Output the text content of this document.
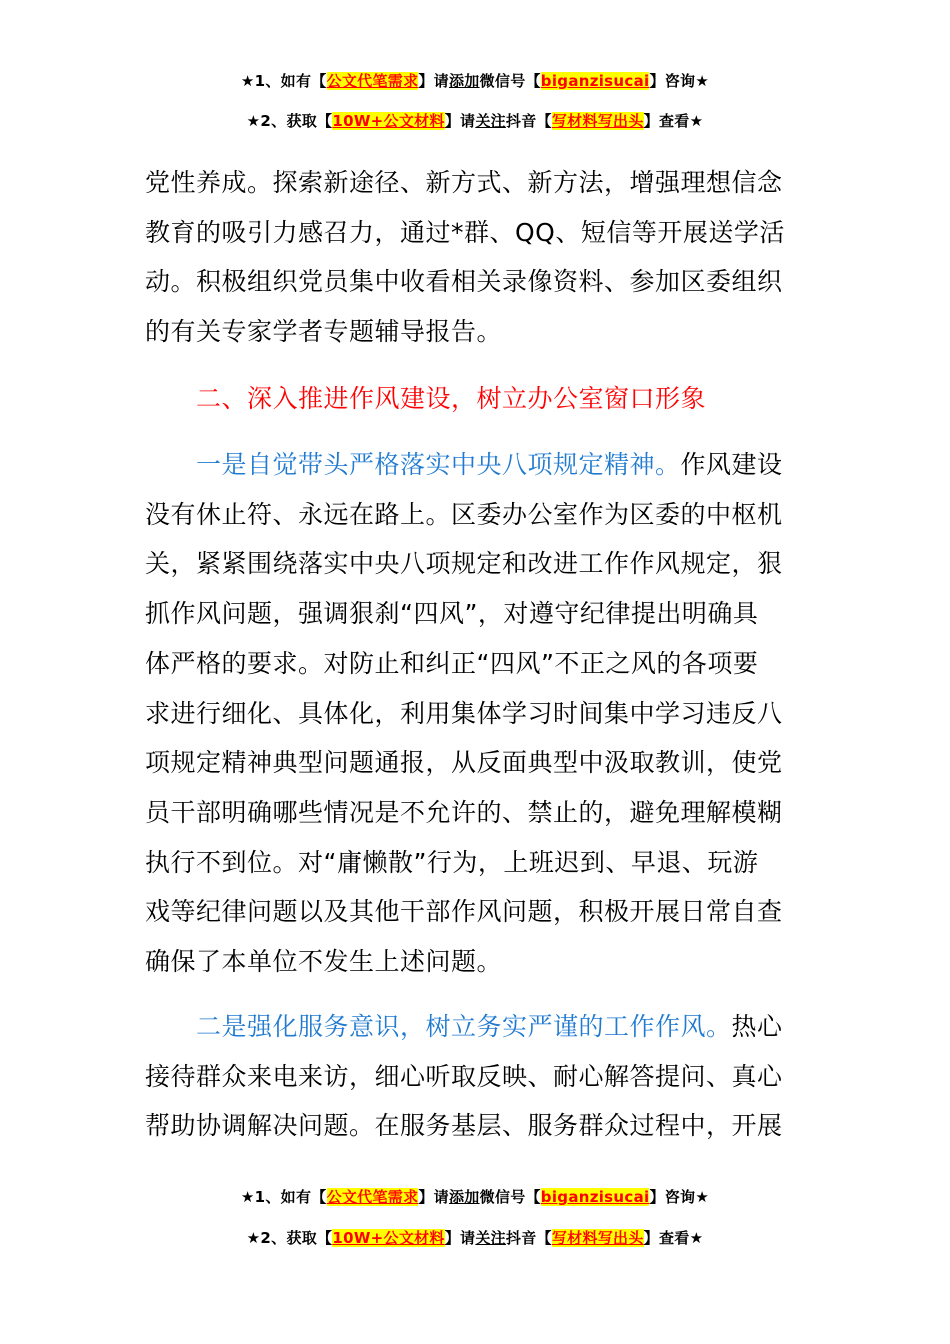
★1、如有【公文代笔需求】请添加微信号【biganzisucai】咨询★
★2、获取【10W+公文材料】请关注抖音【写材料写出头】查看★

党性养成。探索新途径、新方式、新方法，增强理想信念

教育的吸引力感召力，通过*群、QQ、短信等开展送学活

动。积极组织党员集中收看相关录像资料、参加区委组织

的有关专家学者专题辅导报告。

二、深入推进作风建设，树立办公室窗口形象

一是自觉带头严格落实中央八项规定精神。作风建设

没有休止符、永远在路上。区委办公室作为区委的中枢机

关，紧紧围绕落实中央八项规定和改进工作作风规定，狠

抓作风问题，强调狠刹“四风”，对遵守纪律提出明确具

体严格的要求。对防止和纠正“四风”不正之风的各项要

求进行细化、具体化，利用集体学习时间集中学习违反八

项规定精神典型问题通报，从反面典型中汲取教训，使党

员干部明确哪些情况是不允许的、禁止的，避免理解模糊

执行不到位。对“庸懒散”行为，上班迟到、早退、玩游

戏等纪律问题以及其他干部作风问题，积极开展日常自查

确保了本单位不发生上述问题。

二是强化服务意识，树立务实严谨的工作作风。热心

接待群众来电来访，细心听取反映、耐心解答提问、真心

帮助协调解决问题。在服务基层、服务群众过程中，开展

★1、如有【公文代笔需求】请添加微信号【biganzisucai】咨询★
★2、获取【10W+公文材料】请关注抖音【写材料写出头】查看★
